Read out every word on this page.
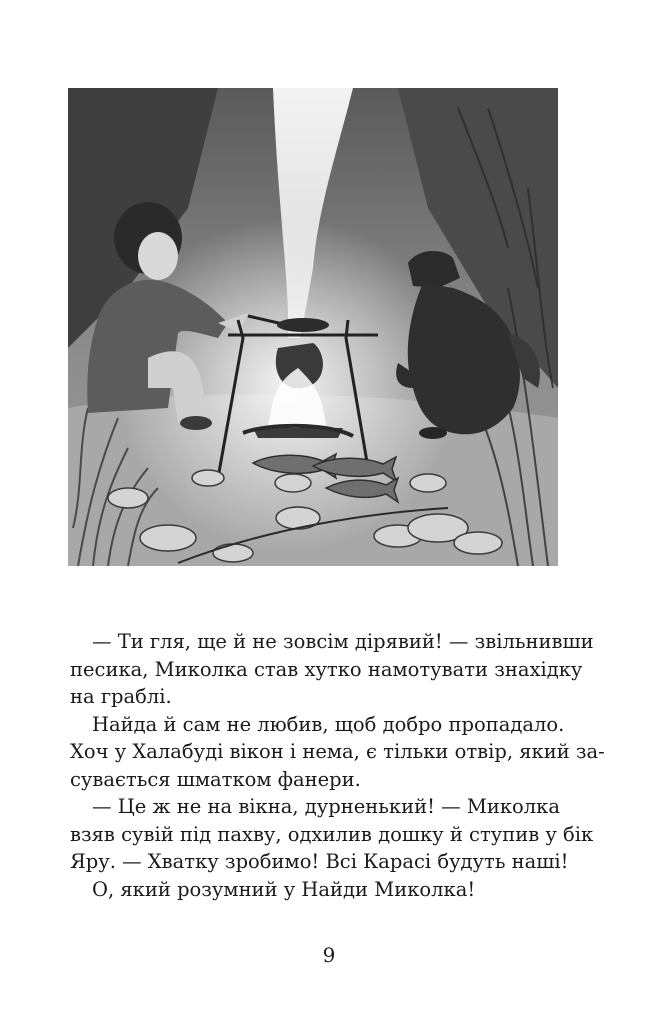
— Ти гля, ще й не зовсім дірявий! — звільнивши
песика, Миколка став хутко намотувати знахідку
на граблі.

Найда й сам не любив, щоб добро пропадало.
Хоч у Халабуді вікон і нема, є тільки отвір, який за-
сувається шматком фанери.

— Це ж не на вікна, дурненький! — Миколка
взяв сувій під пахву, одхилив дошку й ступив у бік
Яру. — Хватку зробимо! Всі Карасі будуть наші!

О, який розумний у Найди Миколка!

9
